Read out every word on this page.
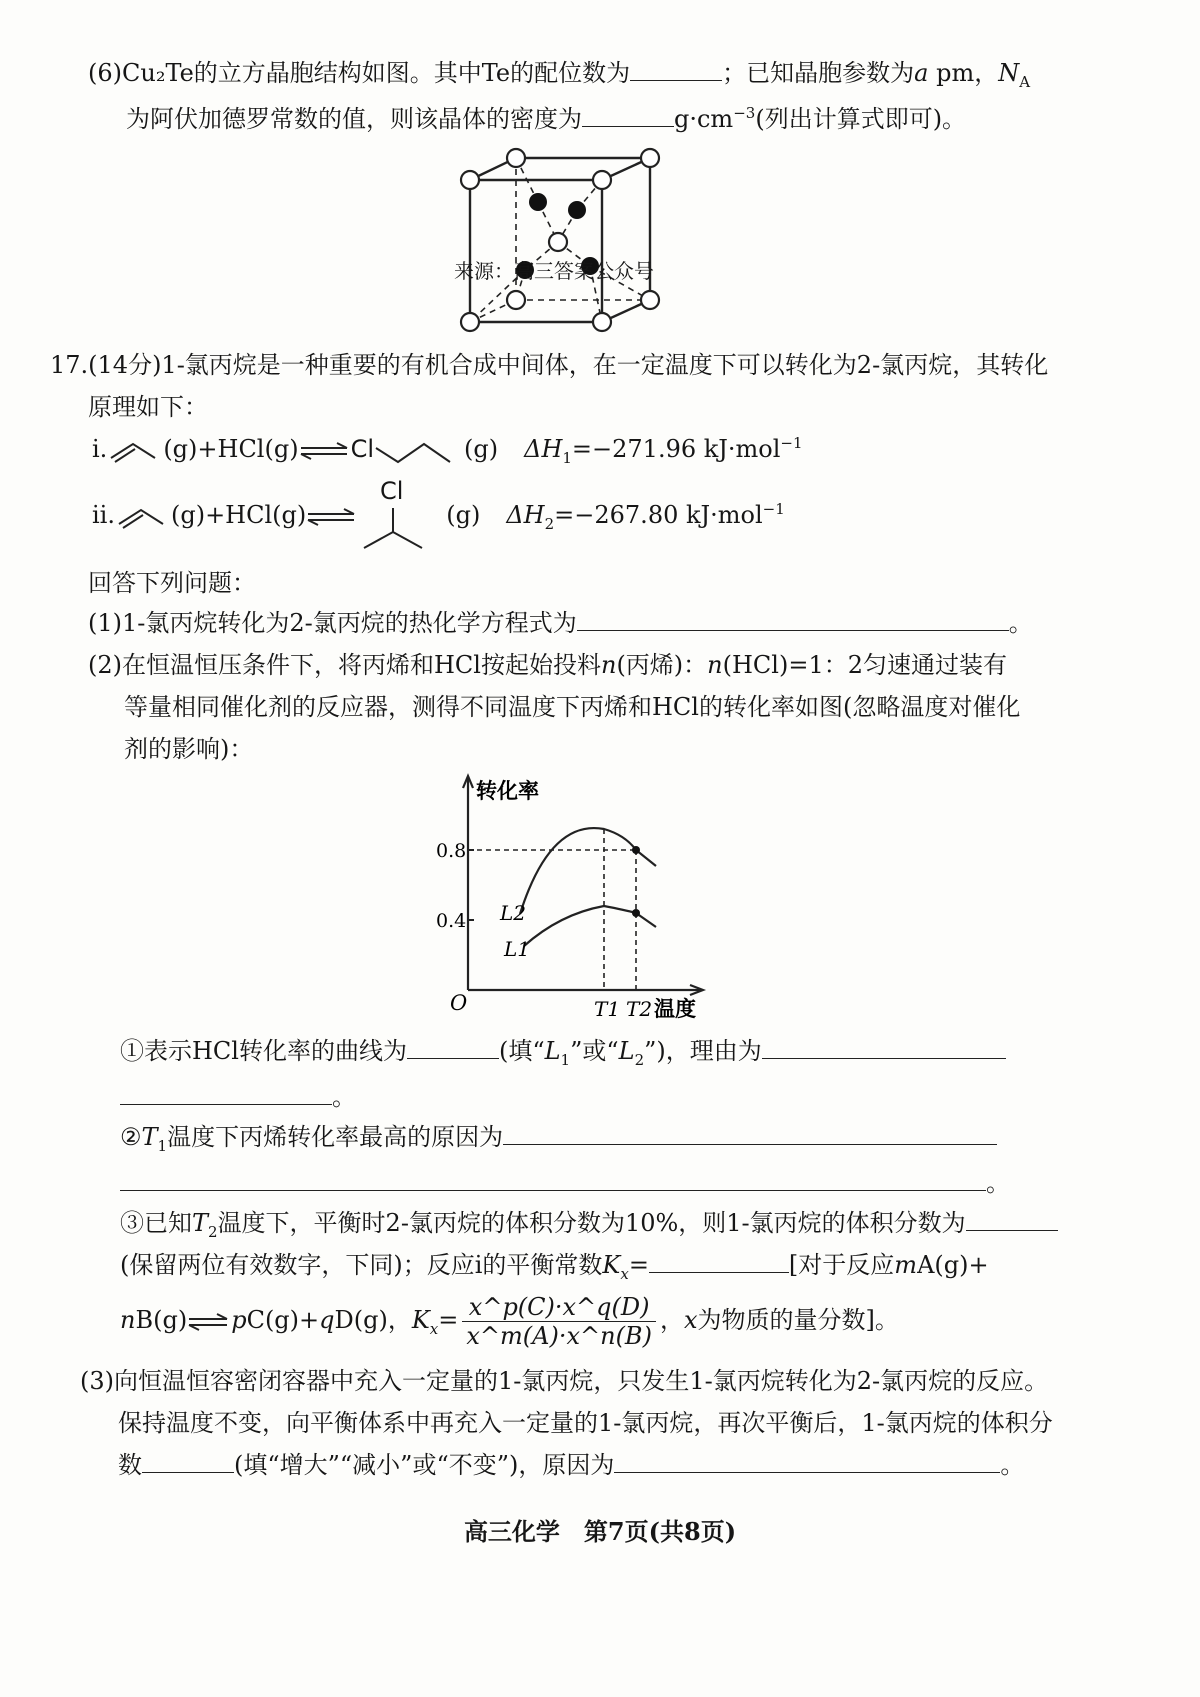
(6)Cu₂Te的立方晶胞结构如图。其中Te的配位数为	；已知晶胞参数为a pm，$N_A$
为阿伏加德罗常数的值，则该晶体的密度为	$g\cdot cm^{-3}$(列出计算式即可)。
来源：高三答案公众号
17.(14分)1-氯丙烷是一种重要的有机合成中间体，在一定温度下可以转化为2-氯丙烷，其转化
原理如下：
ⅰ. (g)+HCl(g) Cl	(g) $\Delta H_1=-271.96$ kJ·mol$^{-1}$
ⅱ. (g)+HCl(g)	(g) $\Delta H_2=-267.80$ kJ·mol$^{-1}$
Cl
回答下列问题：
(1)1-氯丙烷转化为2-氯丙烷的热化学方程式为	。
(2)在恒温恒压条件下，将丙烯和HCl按起始投料n(丙烯)：n(HCl)=1：2匀速通过装有
等量相同催化剂的反应器，测得不同温度下丙烯和HCl的转化率如图(忽略温度对催化
剂的影响)：
转化率
温度
O
0.4
0.8
L2
L1
T1 T2
①表示HCl转化率的曲线为	(填“$L_1$”或“$L_2$”)，理由为
。
$②T_1$温度下丙烯转化率最高的原因为
。
③已知$T_2$温度下，平衡时2-氯丙烷的体积分数为10%，则1-氯丙烷的体积分数为
(保留两位有效数字，下同)；反应ⅰ的平衡常数$K_x=$	[对于反应mA(g)+
nB(g) pC(g)+qD(g)，$K_x= \frac{x\^{}p(C)\cdot x\^{}q(D)}{x\^{}m(A)\cdot x\^{}n(B)}$ ，x为物质的量分数]。
(3)向恒温恒容密闭容器中充入一定量的1-氯丙烷，只发生1-氯丙烷转化为2-氯丙烷的反应。
保持温度不变，向平衡体系中再充入一定量的1-氯丙烷，再次平衡后，1-氯丙烷的体积分
数	(填“增大”“减小”或“不变”)，原因为	。
高三化学　第7页(共8页)
